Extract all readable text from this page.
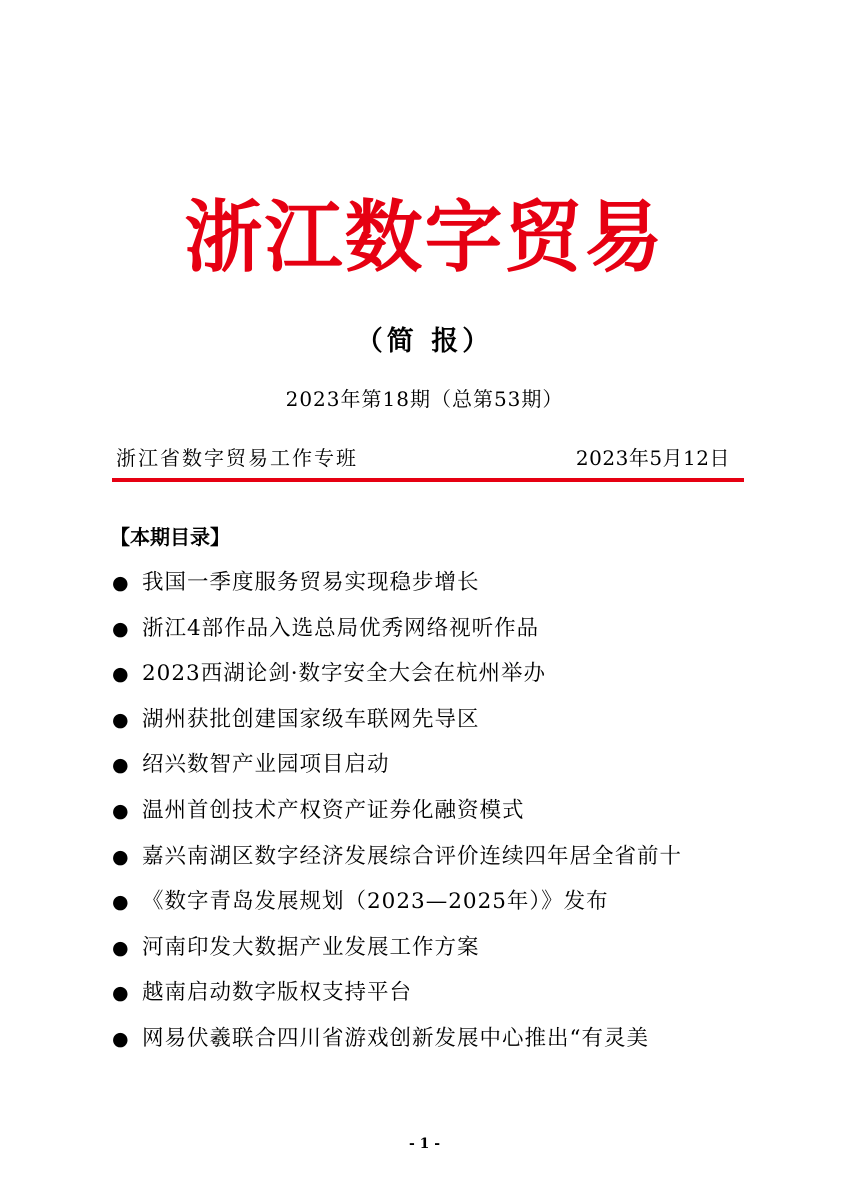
浙江数字贸易
（简 报）
2023年第18期（总第53期）
浙江省数字贸易工作专班	2023年5月12日
【本期目录】
● 我国一季度服务贸易实现稳步增长
● 浙江4部作品入选总局优秀网络视听作品
● 2023西湖论剑·数字安全大会在杭州举办
● 湖州获批创建国家级车联网先导区
● 绍兴数智产业园项目启动
● 温州首创技术产权资产证券化融资模式
● 嘉兴南湖区数字经济发展综合评价连续四年居全省前十
● 《数字青岛发展规划（2023—2025年）》发布
● 河南印发大数据产业发展工作方案
● 越南启动数字版权支持平台
● 网易伏羲联合四川省游戏创新发展中心推出“有灵美
- 1 -
